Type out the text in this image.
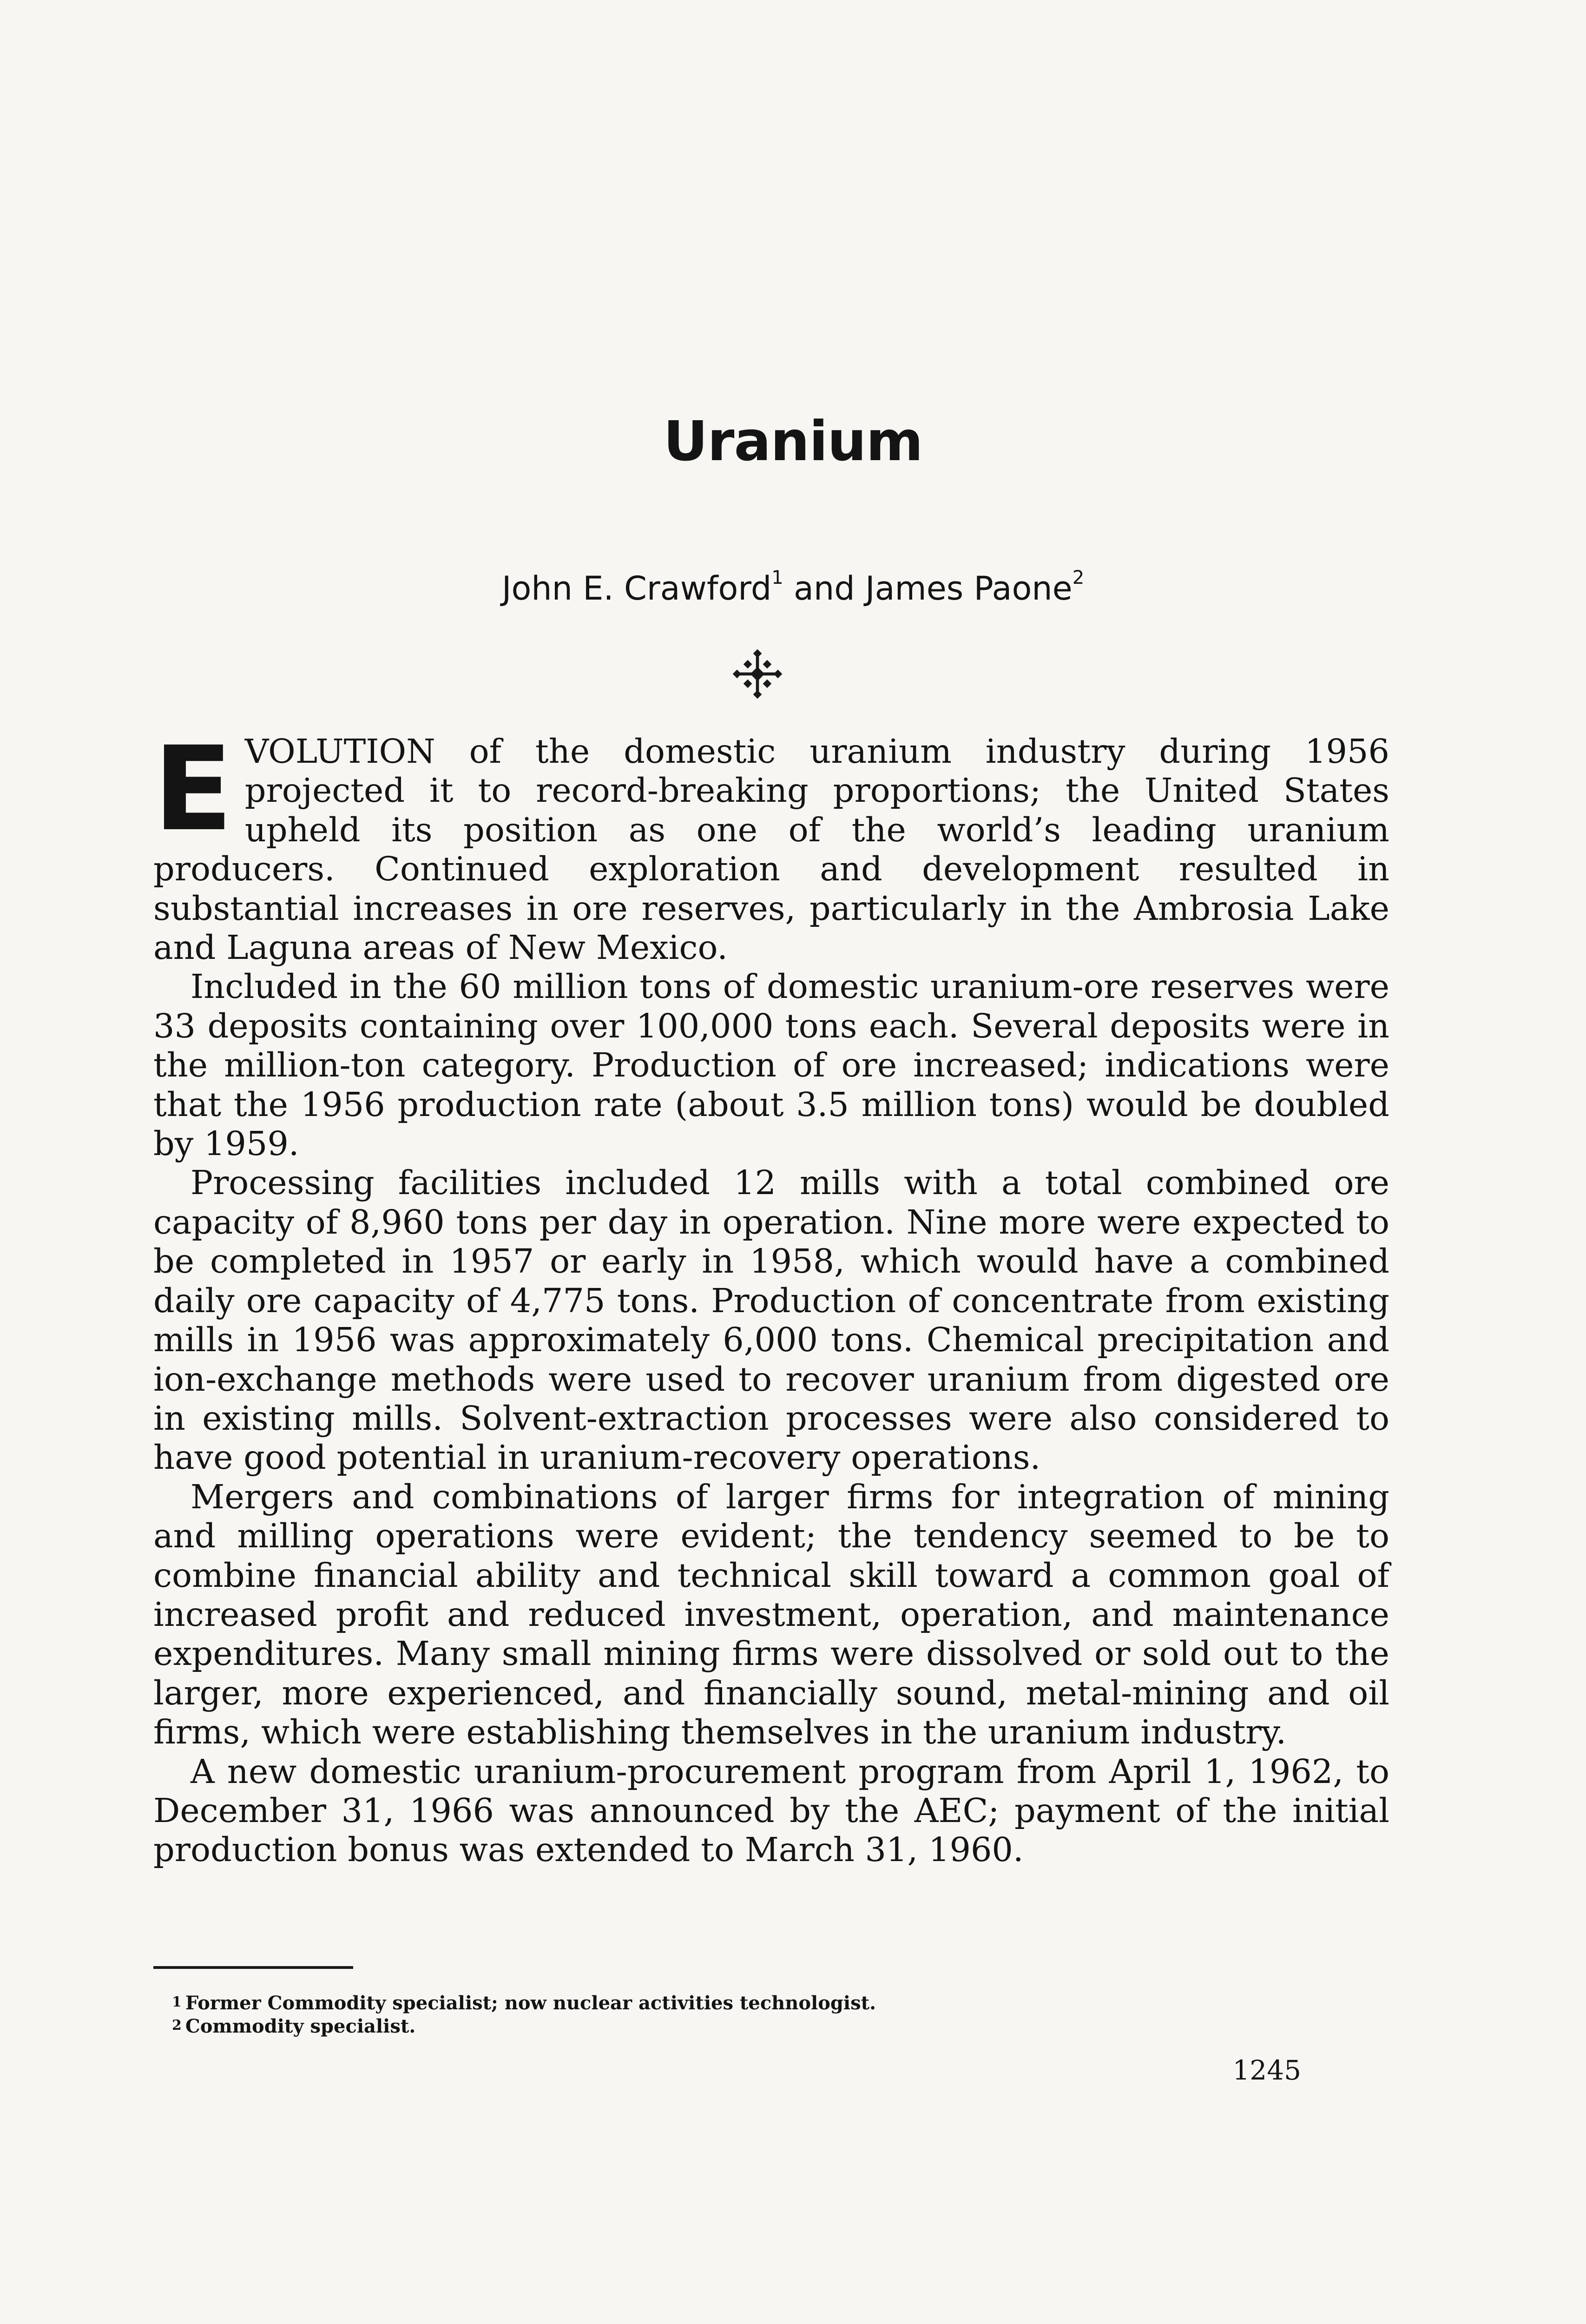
Uranium
John E. Crawford$^1$ and James Paone$^2$

EVOLUTION of the domestic uranium industry during 1956 projected it to record-breaking proportions; the United States upheld its position as one of the world’s leading uranium producers. Continued exploration and development resulted in substantial increases in ore reserves, particularly in the Ambrosia Lake and Laguna areas of New Mexico.

Included in the 60 million tons of domestic uranium-ore reserves were 33 deposits containing over 100,000 tons each. Several deposits were in the million-ton category. Production of ore increased; indications were that the 1956 production rate (about 3.5 million tons) would be doubled by 1959.

Processing facilities included 12 mills with a total combined ore capacity of 8,960 tons per day in operation. Nine more were expected to be completed in 1957 or early in 1958, which would have a combined daily ore capacity of 4,775 tons. Production of concentrate from existing mills in 1956 was approximately 6,000 tons. Chemical precipitation and ion-exchange methods were used to recover uranium from digested ore in existing mills. Solvent-extraction processes were also considered to have good potential in uranium-recovery operations.

Mergers and combinations of larger firms for integration of mining and milling operations were evident; the tendency seemed to be to combine financial ability and technical skill toward a common goal of increased profit and reduced investment, operation, and maintenance expenditures. Many small mining firms were dissolved or sold out to the larger, more experienced, and financially sound, metal-mining and oil firms, which were establishing themselves in the uranium industry.

A new domestic uranium-procurement program from April 1, 1962, to December 31, 1966 was announced by the AEC; payment of the initial production bonus was extended to March 31, 1960.

$^1$ Former Commodity specialist; now nuclear activities technologist.
$^2$ Commodity specialist.
1245
